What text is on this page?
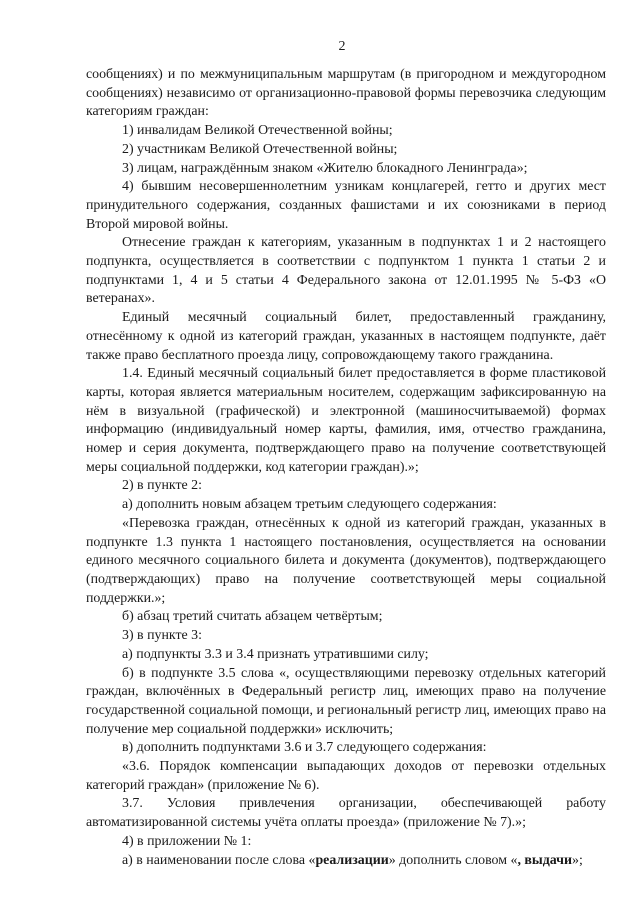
2

сообщениях) и по межмуниципальным маршрутам (в пригородном и междугородном сообщениях) независимо от организационно-правовой формы перевозчика следующим категориям граждан:

1) инвалидам Великой Отечественной войны;

2) участникам Великой Отечественной войны;

3) лицам, награждённым знаком «Жителю блокадного Ленинграда»;

4) бывшим несовершеннолетним узникам концлагерей, гетто и других мест принудительного содержания, созданных фашистами и их союзниками в период Второй мировой войны.

Отнесение граждан к категориям, указанным в подпунктах 1 и 2 настоящего подпункта, осуществляется в соответствии с подпунктом 1 пункта 1 статьи 2 и подпунктами 1, 4 и 5 статьи 4 Федерального закона от 12.01.1995 № 5-ФЗ «О ветеранах».

Единый месячный социальный билет, предоставленный гражданину, отнесённому к одной из категорий граждан, указанных в настоящем подпункте, даёт также право бесплатного проезда лицу, сопровождающему такого гражданина.

1.4. Единый месячный социальный билет предоставляется в форме пластиковой карты, которая является материальным носителем, содержащим зафиксированную на нём в визуальной (графической) и электронной (машиносчитываемой) формах информацию (индивидуальный номер карты, фамилия, имя, отчество гражданина, номер и серия документа, подтверждающего право на получение соответствующей меры социальной поддержки, код категории граждан).»;

2) в пункте 2:

а) дополнить новым абзацем третьим следующего содержания:

«Перевозка граждан, отнесённых к одной из категорий граждан, указанных в подпункте 1.3 пункта 1 настоящего постановления, осуществляется на основании единого месячного социального билета и документа (документов), подтверждающего (подтверждающих) право на получение соответствующей меры социальной поддержки.»;

б) абзац третий считать абзацем четвёртым;

3) в пункте 3:

а) подпункты 3.3 и 3.4 признать утратившими силу;

б) в подпункте 3.5 слова «, осуществляющими перевозку отдельных категорий граждан, включённых в Федеральный регистр лиц, имеющих право на получение государственной социальной помощи, и региональный регистр лиц, имеющих право на получение мер социальной поддержки» исключить;

в) дополнить подпунктами 3.6 и 3.7 следующего содержания:

«3.6. Порядок компенсации выпадающих доходов от перевозки отдельных категорий граждан» (приложение № 6).

3.7. Условия привлечения организации, обеспечивающей работу автоматизированной системы учёта оплаты проезда» (приложение № 7).»;

4) в приложении № 1:

а) в наименовании после слова «реализации» дополнить словом «, выдачи»;
